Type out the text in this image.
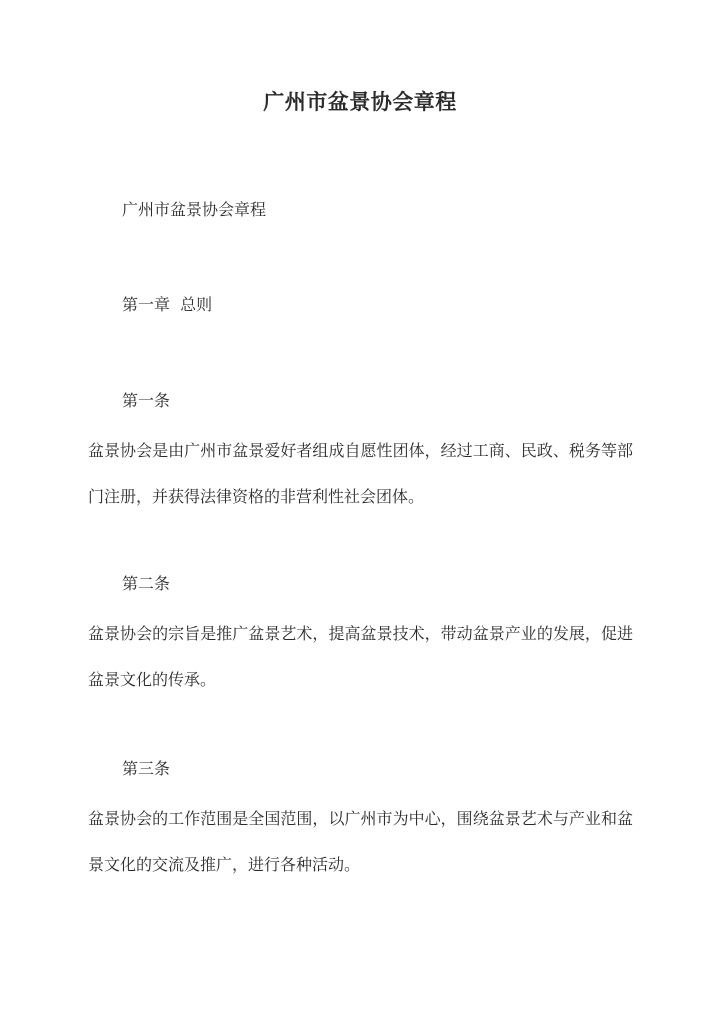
广州市盆景协会章程

广州市盆景协会章程

第一章  总则

第一条

盆景协会是由广州市盆景爱好者组成自愿性团体，经过工商、民政、税务等部门注册，并获得法律资格的非营利性社会团体。

第二条

盆景协会的宗旨是推广盆景艺术，提高盆景技术，带动盆景产业的发展，促进盆景文化的传承。

第三条

盆景协会的工作范围是全国范围，以广州市为中心，围绕盆景艺术与产业和盆景文化的交流及推广，进行各种活动。
